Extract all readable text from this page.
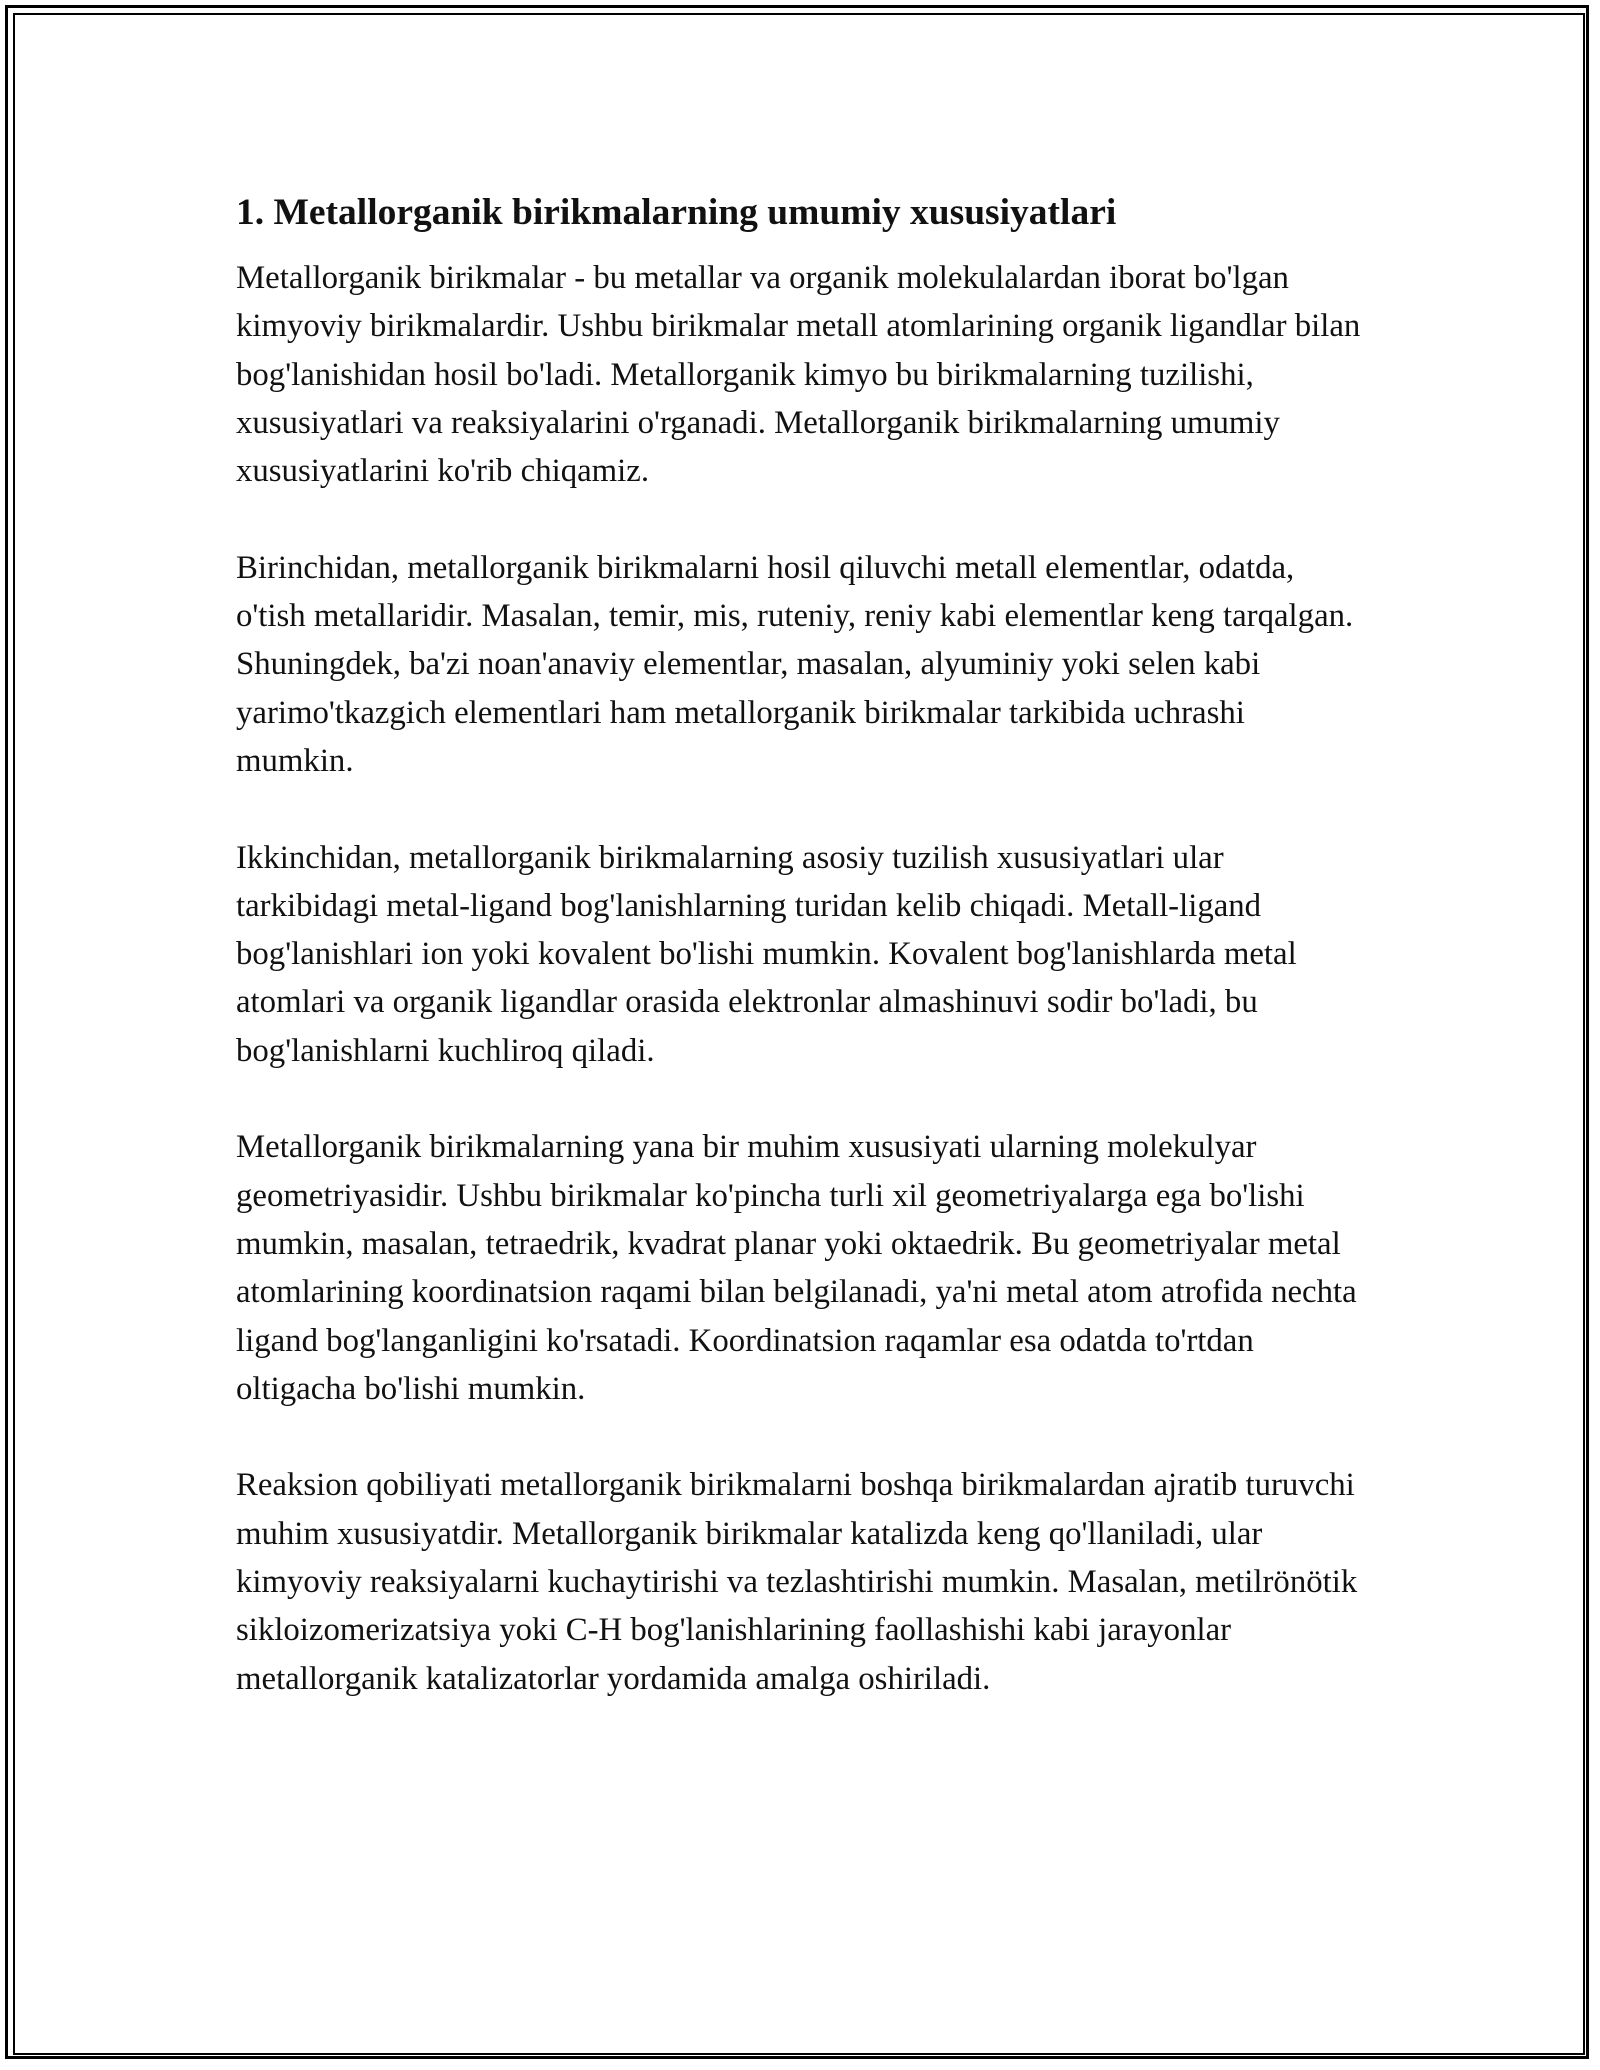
1. Metallorganik birikmalarning umumiy xususiyatlari

Metallorganik birikmalar - bu metallar va organik molekulalardan iborat bo'lgan kimyoviy birikmalardir. Ushbu birikmalar metall atomlarining organik ligandlar bilan bog'lanishidan hosil bo'ladi. Metallorganik kimyo bu birikmalarning tuzilishi, xususiyatlari va reaksiyalarini o'rganadi. Metallorganik birikmalarning umumiy xususiyatlarini ko'rib chiqamiz.

Birinchidan, metallorganik birikmalarni hosil qiluvchi metall elementlar, odatda, o'tish metallaridir. Masalan, temir, mis, ruteniy, reniy kabi elementlar keng tarqalgan. Shuningdek, ba'zi noan'anaviy elementlar, masalan, alyuminiy yoki selen kabi yarimo'tkazgich elementlari ham metallorganik birikmalar tarkibida uchrashi mumkin.

Ikkinchidan, metallorganik birikmalarning asosiy tuzilish xususiyatlari ular tarkibidagi metal-ligand bog'lanishlarning turidan kelib chiqadi. Metall-ligand bog'lanishlari ion yoki kovalent bo'lishi mumkin. Kovalent bog'lanishlarda metal atomlari va organik ligandlar orasida elektronlar almashinuvi sodir bo'ladi, bu bog'lanishlarni kuchliroq qiladi.

Metallorganik birikmalarning yana bir muhim xususiyati ularning molekulyar geometriyasidir. Ushbu birikmalar ko'pincha turli xil geometriyalarga ega bo'lishi mumkin, masalan, tetraedrik, kvadrat planar yoki oktaedrik. Bu geometriyalar metal atomlarining koordinatsion raqami bilan belgilanadi, ya'ni metal atom atrofida nechta ligand bog'langanligini ko'rsatadi. Koordinatsion raqamlar esa odatda to'rtdan oltigacha bo'lishi mumkin.

Reaksion qobiliyati metallorganik birikmalarni boshqa birikmalardan ajratib turuvchi muhim xususiyatdir. Metallorganik birikmalar katalizda keng qo'llaniladi, ular kimyoviy reaksiyalarni kuchaytirishi va tezlashtirishi mumkin. Masalan, metilrönötik sikloizomerizatsiya yoki C-H bog'lanishlarining faollashishi kabi jarayonlar metallorganik katalizatorlar yordamida amalga oshiriladi.
